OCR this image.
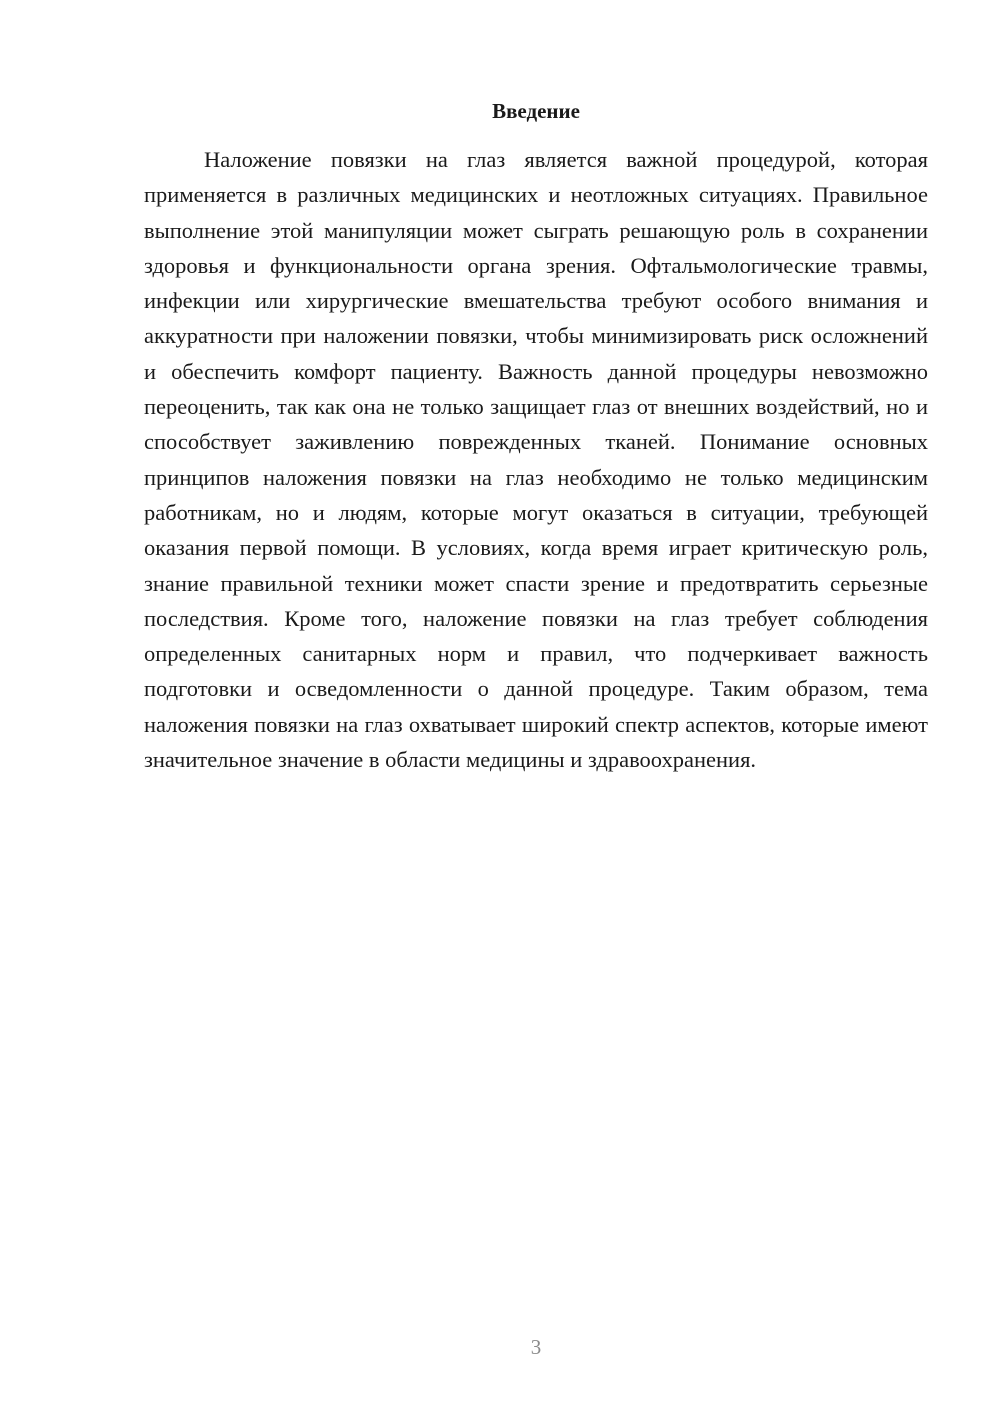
Введение

Наложение повязки на глаз является важной процедурой, которая применяется в различных медицинских и неотложных ситуациях. Правильное выполнение этой манипуляции может сыграть решающую роль в сохранении здоровья и функциональности органа зрения. Офтальмологические травмы, инфекции или хирургические вмешательства требуют особого внимания и аккуратности при наложении повязки, чтобы минимизировать риск осложнений и обеспечить комфорт пациенту. Важность данной процедуры невозможно переоценить, так как она не только защищает глаз от внешних воздействий, но и способствует заживлению поврежденных тканей. Понимание основных принципов наложения повязки на глаз необходимо не только медицинским работникам, но и людям, которые могут оказаться в ситуации, требующей оказания первой помощи. В условиях, когда время играет критическую роль, знание правильной техники может спасти зрение и предотвратить серьезные последствия. Кроме того, наложение повязки на глаз требует соблюдения определенных санитарных норм и правил, что подчеркивает важность подготовки и осведомленности о данной процедуре. Таким образом, тема наложения повязки на глаз охватывает широкий спектр аспектов, которые имеют значительное значение в области медицины и здравоохранения.

3
